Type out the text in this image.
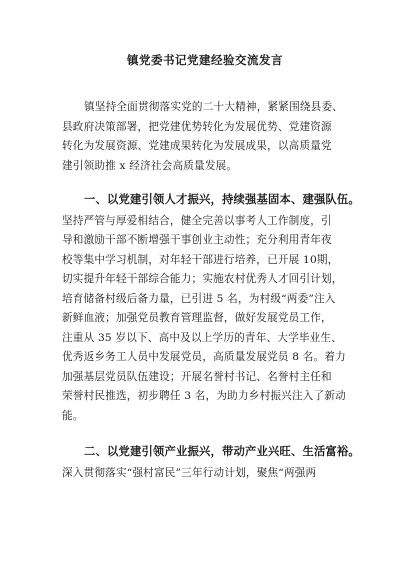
镇党委书记党建经验交流发言
镇坚持全面贯彻落实党的二十大精神，紧紧围绕县委、
县政府决策部署，把党建优势转化为发展优势、党建资源
转化为发展资源、党建成果转化为发展成果，以高质量党
建引领助推 x 经济社会高质量发展。
一、以党建引领人才振兴，持续强基固本、建强队伍。
坚持严管与厚爱相结合，健全完善以事考人工作制度，引
导和激励干部不断增强干事创业主动性；充分利用青年夜
校等集中学习机制，对年轻干部进行培养，已开展 10期，
切实提升年轻干部综合能力；实施农村优秀人才回引计划，
培育储备村级后备力量，已引进 5 名，为村级“两委”注入
新鲜血液；加强党员教育管理监督，做好发展党员工作，
注重从 35 岁以下、高中及以上学历的青年、大学毕业生、
优秀返乡务工人员中发展党员，高质量发展党员 8 名。着力
加强基层党员队伍建设；开展名誉村书记、名誉村主任和
荣誉村民推选，初步聘任 3 名，为助力乡村振兴注入了新动
能。
二、以党建引领产业振兴，带动产业兴旺、生活富裕。
深入贯彻落实“强村富民”三年行动计划，聚焦“两强两
